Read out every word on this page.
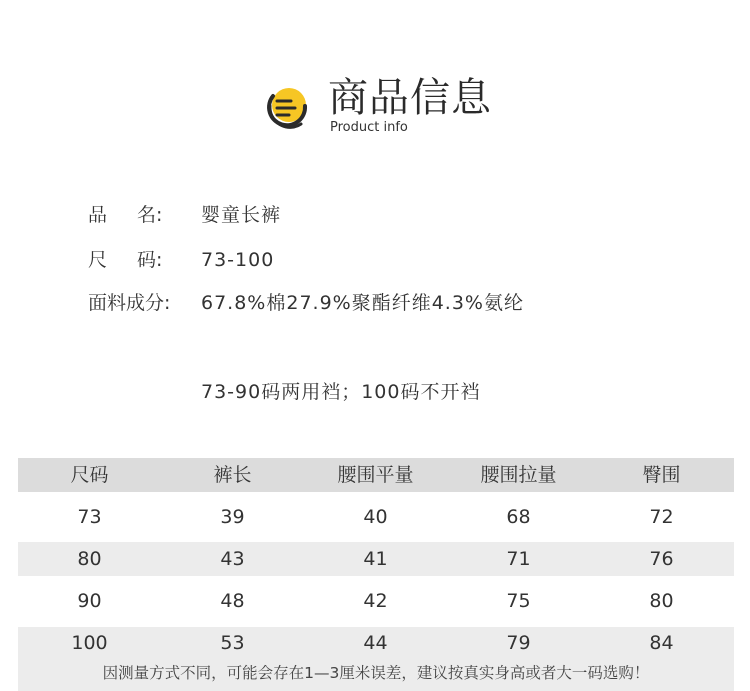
商品信息
Product info
品 名: 婴童长裤
尺 码: 73-100
面料成分: 67.8%棉27.9%聚酯纤维4.3%氨纶
73-90码两用裆；100码不开裆
尺码	裤长	腰围平量	腰围拉量	臀围
73	39	40	68	72
80	43	41	71	76
90	48	42	75	80
100	53	44	79	84
因测量方式不同，可能会存在1—3厘米误差，建议按真实身高或者大一码选购！
